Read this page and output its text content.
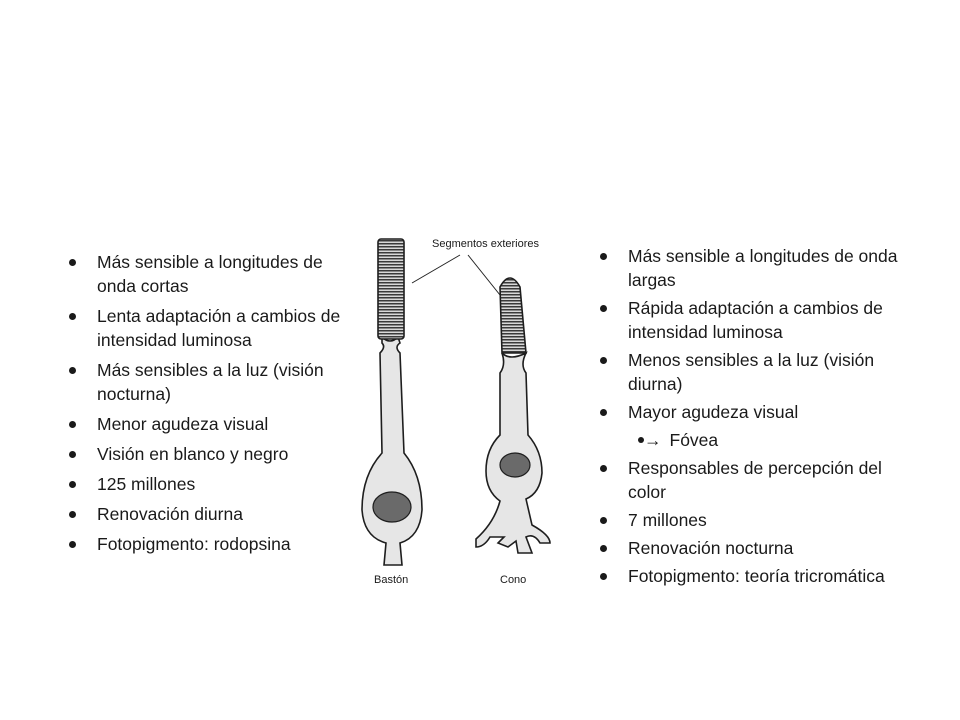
Más sensible a longitudes de onda cortas
Lenta adaptación a cambios de intensidad luminosa
Más sensibles a la luz (visión nocturna)
Menor agudeza visual
Visión en blanco y negro
125 millones
Renovación diurna
Fotopigmento: rodopsina
Más sensible a longitudes de onda largas
Rápida adaptación a cambios de intensidad luminosa
Menos sensibles a la luz (visión diurna)
Mayor agudeza visual
→ Fóvea
Responsables de percepción del color
7 millones
Renovación nocturna
Fotopigmento: teoría tricromática
Segmentos exteriores
Bastón	Cono
